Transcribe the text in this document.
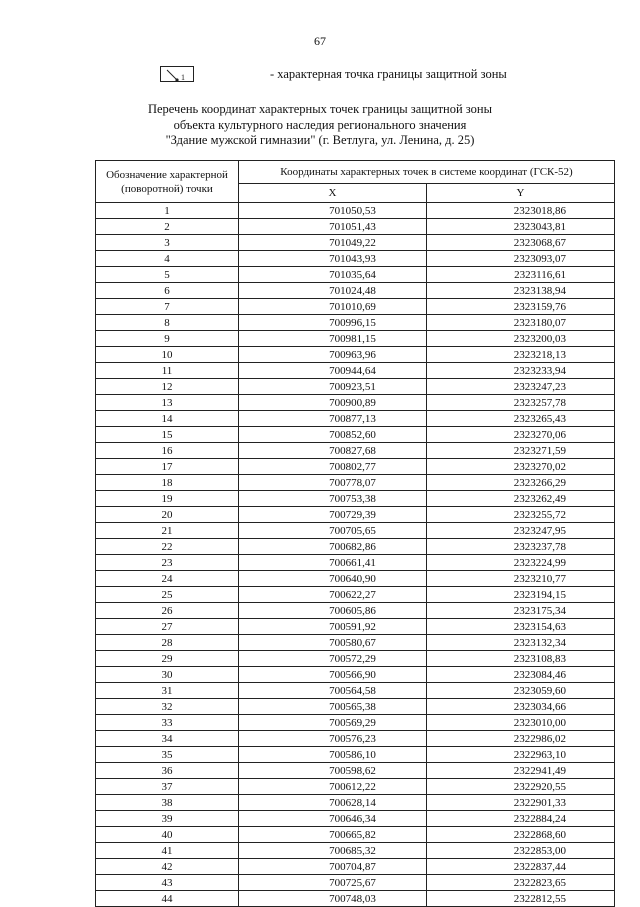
67
1	- характерная точка границы защитной зоны
Перечень координат характерных точек границы защитной зоны
объекта культурного наследия регионального значения
"Здание мужской гимназии" (г. Ветлуга, ул. Ленина, д. 25)
Обозначение характерной (поворотной) точки	Координаты характерных точек в системе координат (ГСК-52)	
	X	Y
1	701050,53	2323018,86
2	701051,43	2323043,81
3	701049,22	2323068,67
4	701043,93	2323093,07
5	701035,64	2323116,61
6	701024,48	2323138,94
7	701010,69	2323159,76
8	700996,15	2323180,07
9	700981,15	2323200,03
10	700963,96	2323218,13
11	700944,64	2323233,94
12	700923,51	2323247,23
13	700900,89	2323257,78
14	700877,13	2323265,43
15	700852,60	2323270,06
16	700827,68	2323271,59
17	700802,77	2323270,02
18	700778,07	2323266,29
19	700753,38	2323262,49
20	700729,39	2323255,72
21	700705,65	2323247,95
22	700682,86	2323237,78
23	700661,41	2323224,99
24	700640,90	2323210,77
25	700622,27	2323194,15
26	700605,86	2323175,34
27	700591,92	2323154,63
28	700580,67	2323132,34
29	700572,29	2323108,83
30	700566,90	2323084,46
31	700564,58	2323059,60
32	700565,38	2323034,66
33	700569,29	2323010,00
34	700576,23	2322986,02
35	700586,10	2322963,10
36	700598,62	2322941,49
37	700612,22	2322920,55
38	700628,14	2322901,33
39	700646,34	2322884,24
40	700665,82	2322868,60
41	700685,32	2322853,00
42	700704,87	2322837,44
43	700725,67	2322823,65
44	700748,03	2322812,55
